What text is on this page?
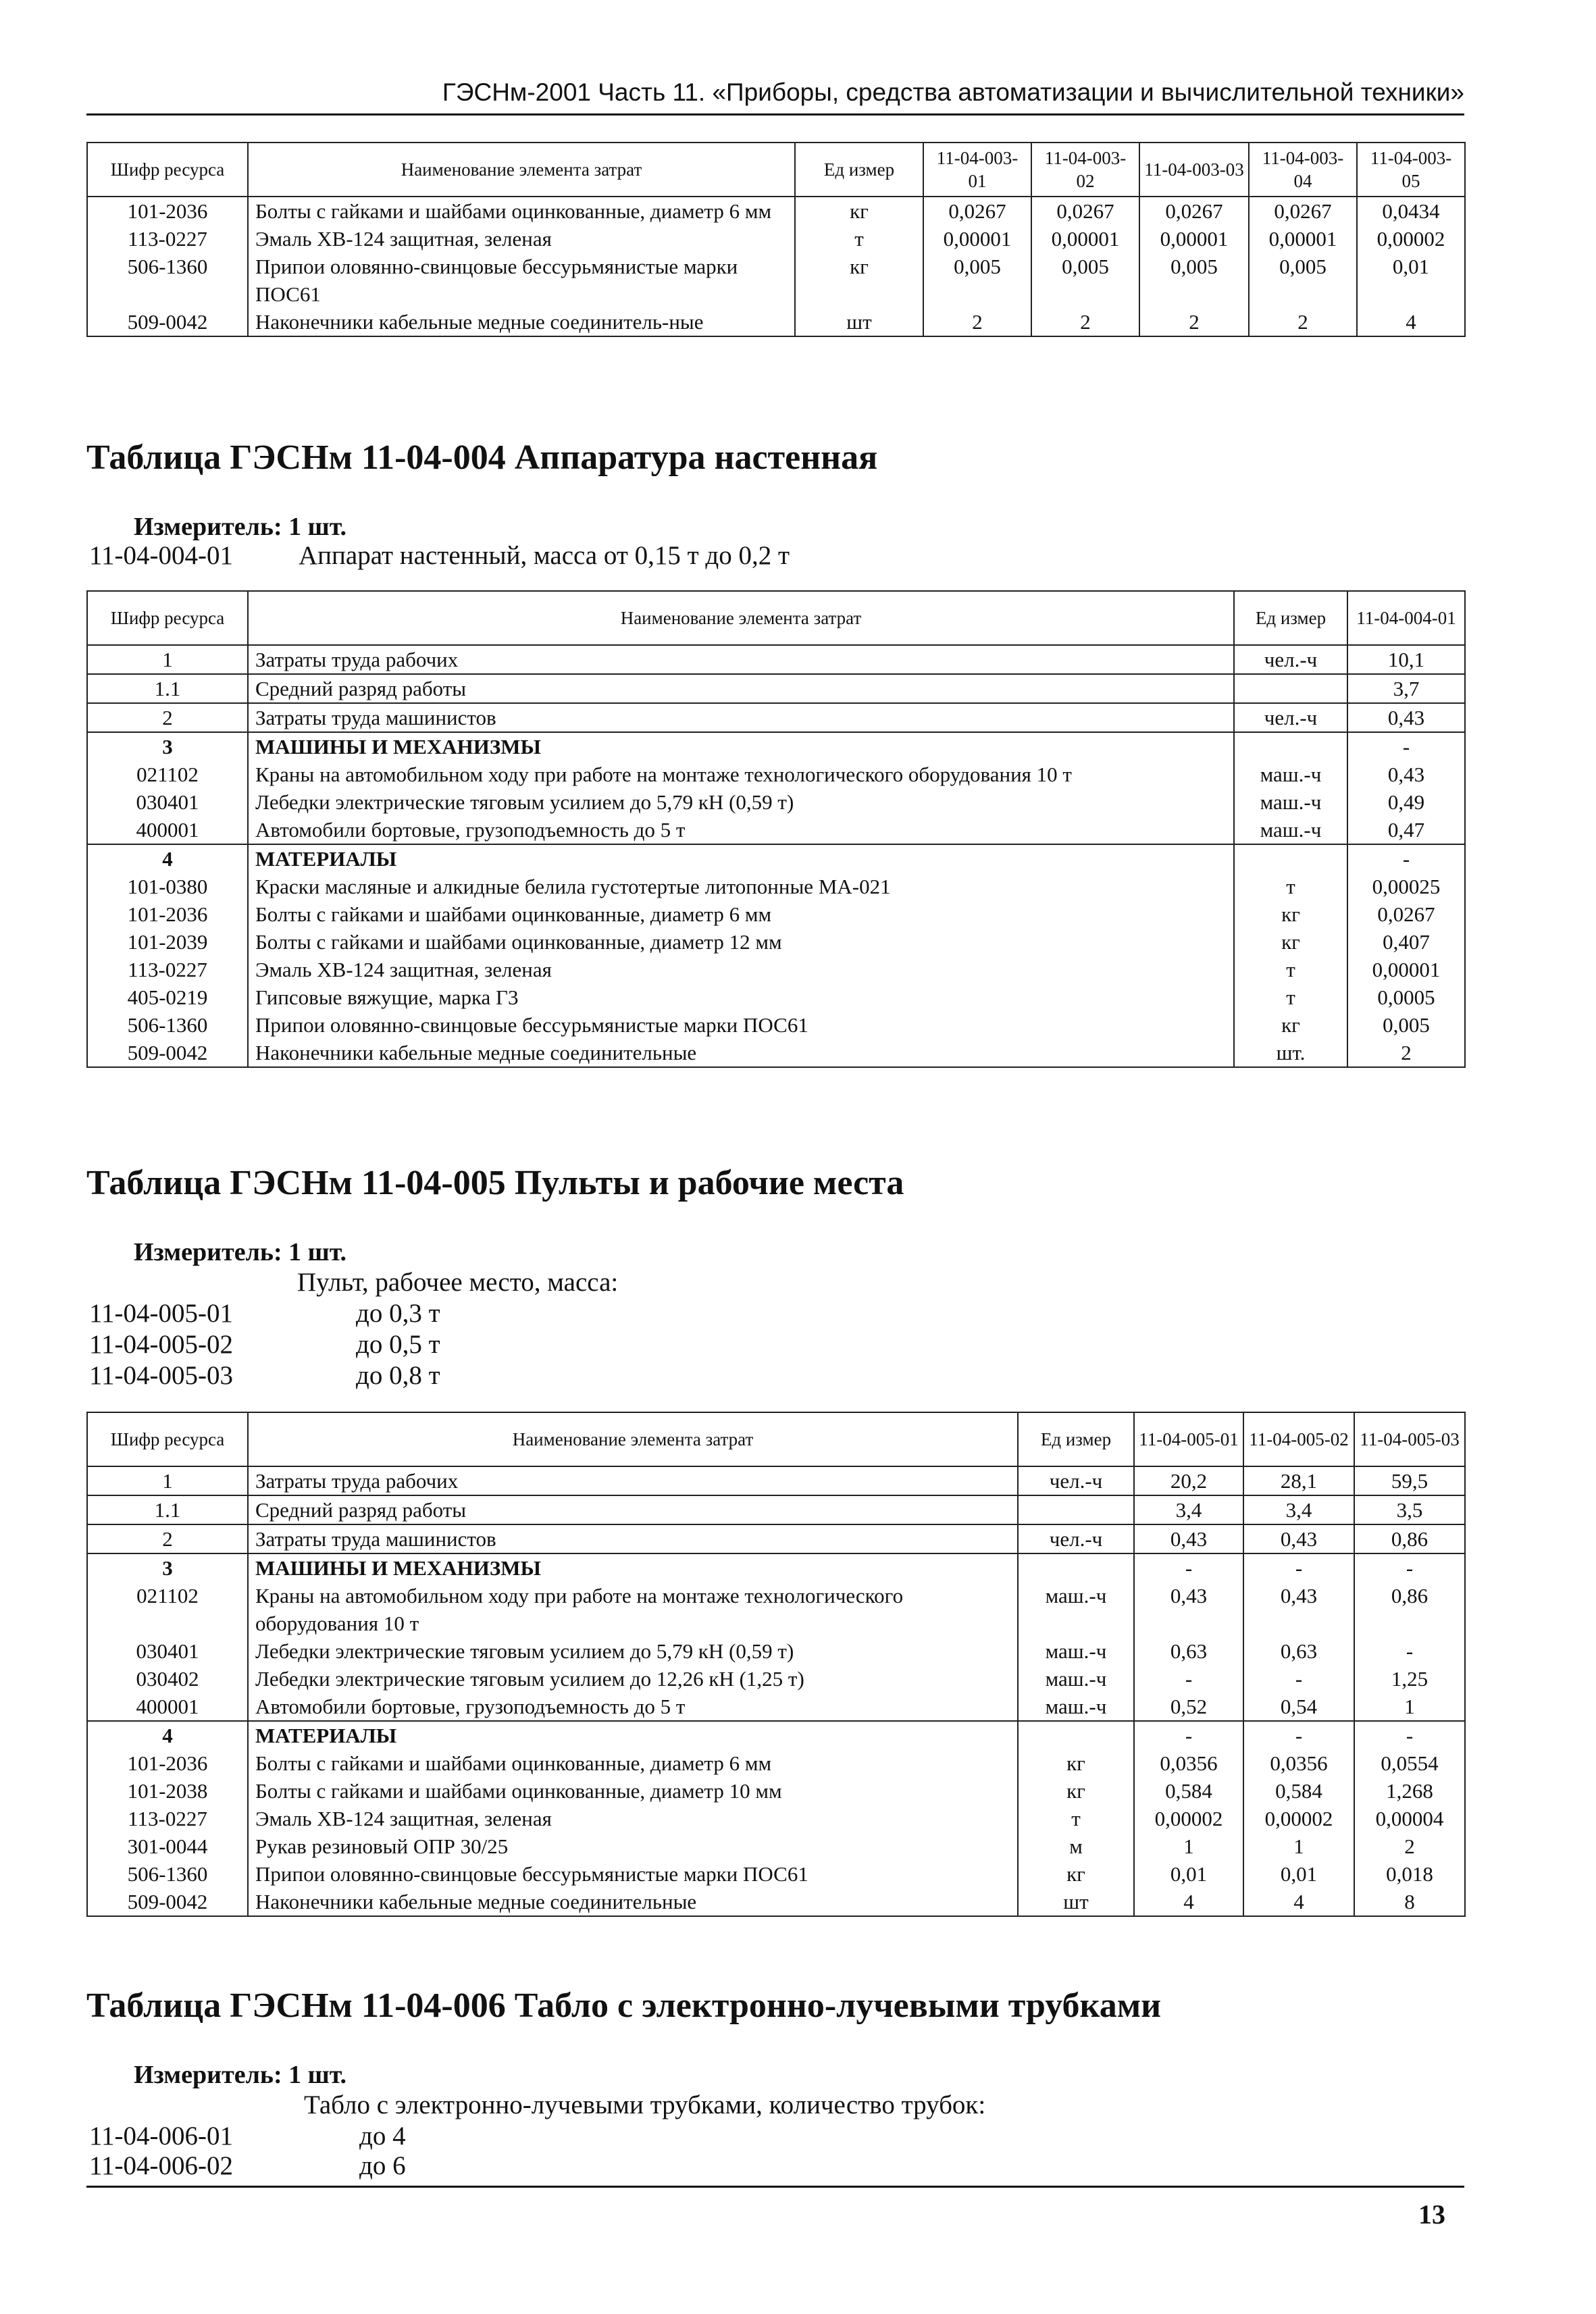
ГЭСНм-2001 Часть 11. «Приборы, средства автоматизации и вычислительной техники»
Шифр ресурса	Наименование элемента затрат	Ед измер	11-04-003-01	11-04-003-02	11-04-003-03	11-04-003-04	11-04-003-05
101-2036	Болты с гайками и шайбами оцинкованные, диаметр 6 мм	кг	0,0267	0,0267	0,0267	0,0267	0,0434
113-0227	Эмаль ХВ-124 защитная, зеленая	т	0,00001	0,00001	0,00001	0,00001	0,00002
506-1360	Припои оловянно-свинцовые бессурьмянистые марки ПОС61	кг	0,005	0,005	0,005	0,005	0,01
509-0042	Наконечники кабельные медные соединитель-ные	шт	2	2	2	2	4
Таблица ГЭСНм 11-04-004 Аппаратура настенная
Измеритель: 1 шт.
11-04-004-01 Аппарат настенный, масса от 0,15 т до 0,2 т
Шифр ресурса	Наименование элемента затрат	Ед измер	11-04-004-01
1	Затраты труда рабочих	чел.-ч	10,1
1.1	Средний разряд работы		3,7
2	Затраты труда машинистов	чел.-ч	0,43
3	МАШИНЫ И МЕХАНИЗМЫ		-
021102	Краны на автомобильном ходу при работе на монтаже технологического оборудования 10 т	маш.-ч	0,43
030401	Лебедки электрические тяговым усилием до 5,79 кН (0,59 т)	маш.-ч	0,49
400001	Автомобили бортовые, грузоподъемность до 5 т	маш.-ч	0,47
4	МАТЕРИАЛЫ		-
101-0380	Краски масляные и алкидные белила густотертые литопонные МА-021	т	0,00025
101-2036	Болты с гайками и шайбами оцинкованные, диаметр 6 мм	кг	0,0267
101-2039	Болты с гайками и шайбами оцинкованные, диаметр 12 мм	кг	0,407
113-0227	Эмаль ХВ-124 защитная, зеленая	т	0,00001
405-0219	Гипсовые вяжущие, марка Г3	т	0,0005
506-1360	Припои оловянно-свинцовые бессурьмянистые марки ПОС61	кг	0,005
509-0042	Наконечники кабельные медные соединительные	шт.	2
Таблица ГЭСНм 11-04-005 Пульты и рабочие места
Измеритель: 1 шт.
Пульт, рабочее место, масса:
11-04-005-01	до 0,3 т
11-04-005-02	до 0,5 т
11-04-005-03	до 0,8 т
Шифр ресурса	Наименование элемента затрат	Ед измер	11-04-005-01	11-04-005-02	11-04-005-03
1	Затраты труда рабочих	чел.-ч	20,2	28,1	59,5
1.1	Средний разряд работы		3,4	3,4	3,5
2	Затраты труда машинистов	чел.-ч	0,43	0,43	0,86
3	МАШИНЫ И МЕХАНИЗМЫ		-	-	-
021102	Краны на автомобильном ходу при работе на монтаже технологического оборудования 10 т	маш.-ч	0,43	0,43	0,86
030401	Лебедки электрические тяговым усилием до 5,79 кН (0,59 т)	маш.-ч	0,63	0,63	-
030402	Лебедки электрические тяговым усилием до 12,26 кН (1,25 т)	маш.-ч	-	-	1,25
400001	Автомобили бортовые, грузоподъемность до 5 т	маш.-ч	0,52	0,54	1
4	МАТЕРИАЛЫ		-	-	-
101-2036	Болты с гайками и шайбами оцинкованные, диаметр 6 мм	кг	0,0356	0,0356	0,0554
101-2038	Болты с гайками и шайбами оцинкованные, диаметр 10 мм	кг	0,584	0,584	1,268
113-0227	Эмаль ХВ-124 защитная, зеленая	т	0,00002	0,00002	0,00004
301-0044	Рукав резиновый ОПР 30/25	м	1	1	2
506-1360	Припои оловянно-свинцовые бессурьмянистые марки ПОС61	кг	0,01	0,01	0,018
509-0042	Наконечники кабельные медные соединительные	шт	4	4	8
Таблица ГЭСНм 11-04-006 Табло с электронно-лучевыми трубками
Измеритель: 1 шт.
Табло с электронно-лучевыми трубками, количество трубок:
11-04-006-01	до 4
11-04-006-02	до 6
13
